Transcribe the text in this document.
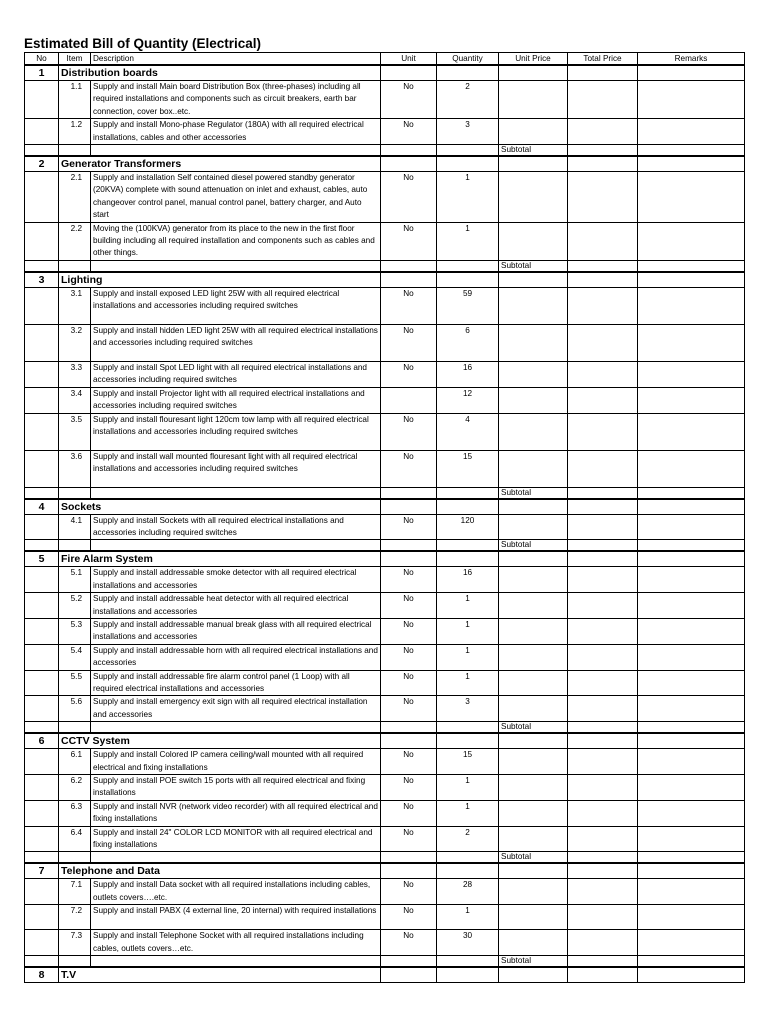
Estimated Bill of Quantity (Electrical)
No	Item	Description	Unit	Quantity	Unit Price	Total Price	Remarks
1	Distribution boards						
	1.1	Supply and install Main board Distribution Box (three-phases) including all required installations and components such as circuit breakers, earth bar connection, cover box..etc.	No	2			
	1.2	Supply and install Mono-phase Regulator (180A) with all required electrical installations, cables and other accessories	No	3			
					Subtotal		
2	Generator Transformers						
	2.1	Supply and installation Self contained diesel powered standby generator (20KVA) complete with sound attenuation on inlet and exhaust, cables, auto changeover control panel, manual control panel, battery charger, and Auto start	No	1			
	2.2	Moving the (100KVA) generator from its place to the new in the first floor building including all required installation and components such as cables and other things.	No	1			
					Subtotal		
3	Lighting						
	3.1	Supply and install exposed LED light 25W with all required electrical installations and accessories including required switches	No	59			
	3.2	Supply and install hidden LED light 25W with all required electrical installations and accessories including required switches	No	6			
	3.3	Supply and install Spot LED light with all required electrical installations and accessories including required switches	No	16			
	3.4	Supply and install Projector light with all required electrical installations and accessories including required switches		12			
	3.5	Supply and install flouresant light 120cm tow lamp with all required electrical installations and accessories including required switches	No	4			
	3.6	Supply and install wall mounted flouresant light with all required electrical installations and accessories including required switches	No	15			
					Subtotal		
4	Sockets						
	4.1	Supply and install Sockets with all required electrical installations and accessories including required switches	No	120			
					Subtotal		
5	Fire Alarm System						
	5.1	Supply and install addressable smoke detector with all required electrical installations and accessories	No	16			
	5.2	Supply and install addressable heat detector with all required electrical installations and accessories	No	1			
	5.3	Supply and install addressable manual break glass with all required electrical installations and accessories	No	1			
	5.4	Supply and install addressable horn with all required electrical installations and accessories	No	1			
	5.5	Supply and install addressable fire alarm control panel (1 Loop) with all required electrical installations and accessories	No	1			
	5.6	Supply and install emergency exit sign with all required electrical installation and accessories	No	3			
					Subtotal		
6	CCTV System						
	6.1	Supply and install Colored IP camera ceiling/wall mounted with all required electrical and fixing installations	No	15			
	6.2	Supply and install POE switch 15 ports with all required electrical and fixing installations	No	1			
	6.3	Supply and install NVR (network video recorder) with all required electrical and fixing installations	No	1			
	6.4	Supply and install 24" COLOR LCD MONITOR with all required electrical and fixing installations	No	2			
					Subtotal		
7	Telephone and Data						
	7.1	Supply and install Data socket with all required installations including cables, outlets covers….etc.	No	28			
	7.2	Supply and install PABX (4 external line, 20 internal) with required installations	No	1			
	7.3	Supply and install Telephone Socket with all required installations including cables, outlets covers…etc.	No	30			
					Subtotal		
8	T.V						
